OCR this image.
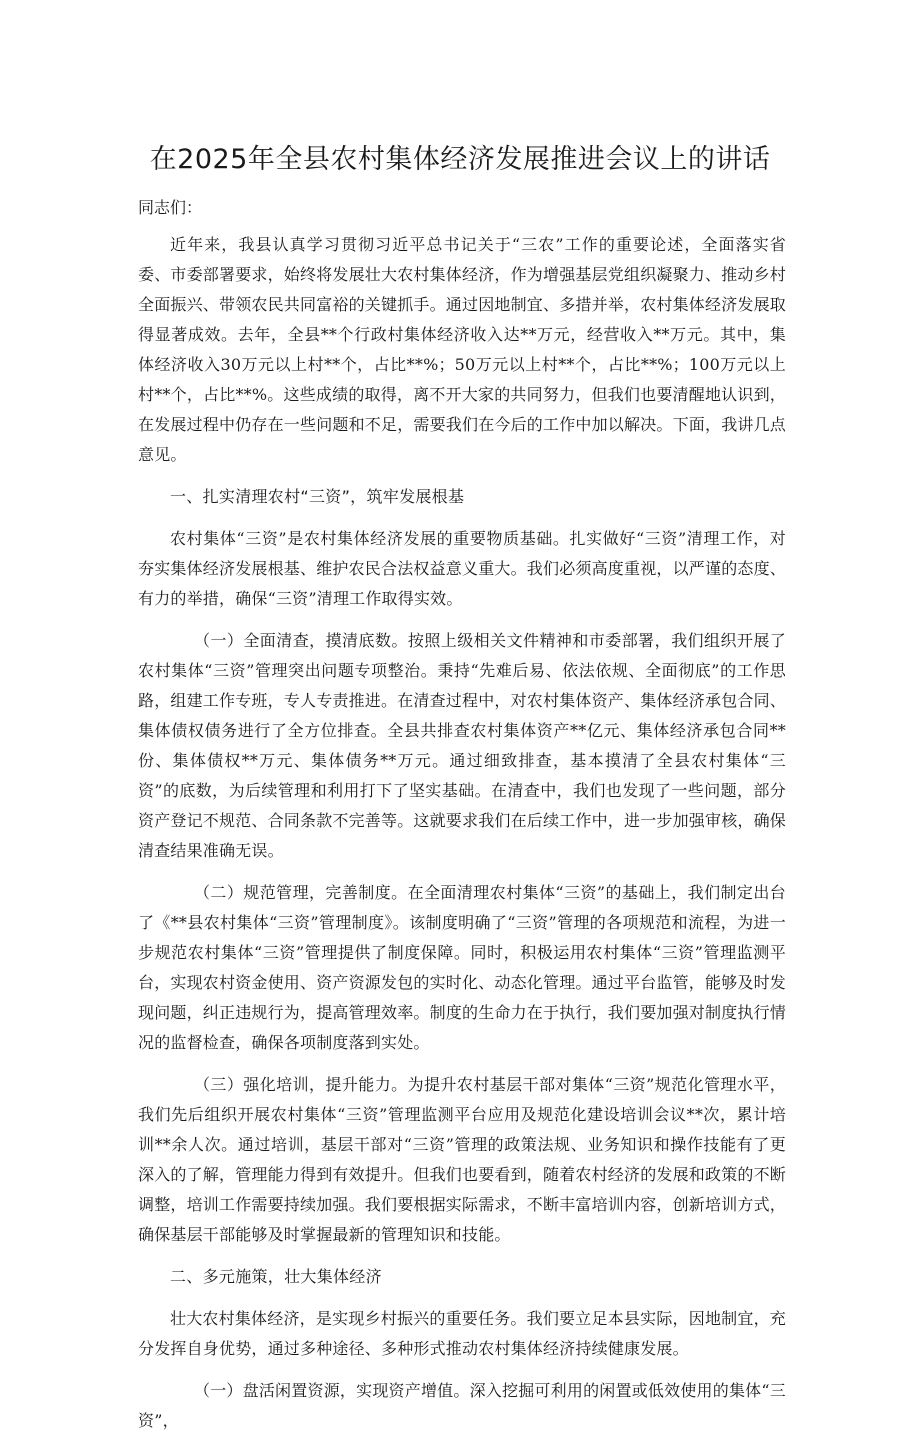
在2025年全县农村集体经济发展推进会议上的讲话

同志们：

近年来，我县认真学习贯彻习近平总书记关于“三农”工作的重要论述，全面落实省委、市委部署要求，始终将发展壮大农村集体经济，作为增强基层党组织凝聚力、推动乡村全面振兴、带领农民共同富裕的关键抓手。通过因地制宜、多措并举，农村集体经济发展取得显著成效。去年，全县**个行政村集体经济收入达**万元，经营收入**万元。其中，集体经济收入30万元以上村**个，占比**%；50万元以上村**个，占比**%；100万元以上村**个，占比**%。这些成绩的取得，离不开大家的共同努力，但我们也要清醒地认识到，在发展过程中仍存在一些问题和不足，需要我们在今后的工作中加以解决。下面，我讲几点意见。

一、扎实清理农村“三资”，筑牢发展根基

农村集体“三资”是农村集体经济发展的重要物质基础。扎实做好“三资”清理工作，对夯实集体经济发展根基、维护农民合法权益意义重大。我们必须高度重视，以严谨的态度、有力的举措，确保“三资”清理工作取得实效。

（一）全面清查，摸清底数。按照上级相关文件精神和市委部署，我们组织开展了农村集体“三资”管理突出问题专项整治。秉持“先难后易、依法依规、全面彻底”的工作思路，组建工作专班，专人专责推进。在清查过程中，对农村集体资产、集体经济承包合同、集体债权债务进行了全方位排查。全县共排查农村集体资产**亿元、集体经济承包合同**份、集体债权**万元、集体债务**万元。通过细致排查，基本摸清了全县农村集体“三资”的底数，为后续管理和利用打下了坚实基础。在清查中，我们也发现了一些问题，部分资产登记不规范、合同条款不完善等。这就要求我们在后续工作中，进一步加强审核，确保清查结果准确无误。

（二）规范管理，完善制度。在全面清理农村集体“三资”的基础上，我们制定出台了《**县农村集体“三资”管理制度》。该制度明确了“三资”管理的各项规范和流程，为进一步规范农村集体“三资”管理提供了制度保障。同时，积极运用农村集体“三资”管理监测平台，实现农村资金使用、资产资源发包的实时化、动态化管理。通过平台监管，能够及时发现问题，纠正违规行为，提高管理效率。制度的生命力在于执行，我们要加强对制度执行情况的监督检查，确保各项制度落到实处。

（三）强化培训，提升能力。为提升农村基层干部对集体“三资”规范化管理水平，我们先后组织开展农村集体“三资”管理监测平台应用及规范化建设培训会议**次，累计培训**余人次。通过培训，基层干部对“三资”管理的政策法规、业务知识和操作技能有了更深入的了解，管理能力得到有效提升。但我们也要看到，随着农村经济的发展和政策的不断调整，培训工作需要持续加强。我们要根据实际需求，不断丰富培训内容，创新培训方式，确保基层干部能够及时掌握最新的管理知识和技能。

二、多元施策，壮大集体经济

壮大农村集体经济，是实现乡村振兴的重要任务。我们要立足本县实际，因地制宜，充分发挥自身优势，通过多种途径、多种形式推动农村集体经济持续健康发展。

（一）盘活闲置资源，实现资产增值。深入挖掘可利用的闲置或低效使用的集体“三资”，
